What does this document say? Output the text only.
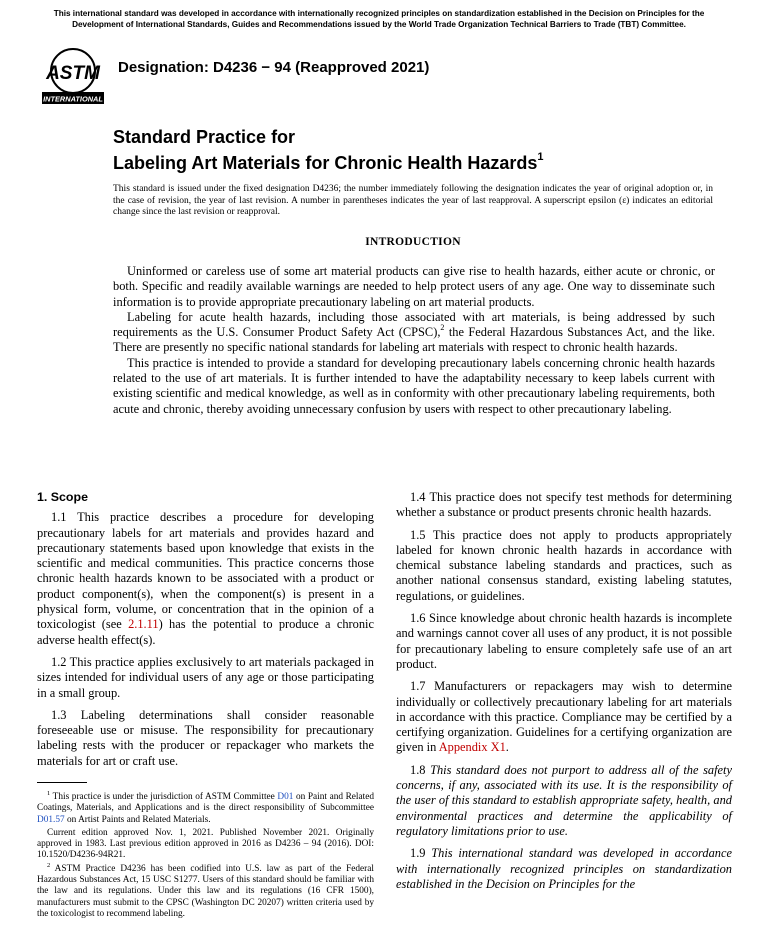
This international standard was developed in accordance with internationally recognized principles on standardization established in the Decision on Principles for the Development of International Standards, Guides and Recommendations issued by the World Trade Organization Technical Barriers to Trade (TBT) Committee.
ASTM
INTERNATIONAL
Designation: D4236 − 94 (Reapproved 2021)
Standard Practice for
Labeling Art Materials for Chronic Health Hazards$^1$
This standard is issued under the fixed designation D4236; the number immediately following the designation indicates the year of original adoption or, in the case of revision, the year of last revision. A number in parentheses indicates the year of last reapproval. A superscript epsilon (ε) indicates an editorial change since the last revision or reapproval.
INTRODUCTION

Uninformed or careless use of some art material products can give rise to health hazards, either acute or chronic, or both. Specific and readily available warnings are needed to help protect users of any age. One way to disseminate such information is to provide appropriate precautionary labeling on art material products.

Labeling for acute health hazards, including those associated with art materials, is being addressed by such requirements as the U.S. Consumer Product Safety Act (CPSC),$^2$ the Federal Hazardous Substances Act, and the like. There are presently no specific national standards for labeling art materials with respect to chronic health hazards.

This practice is intended to provide a standard for developing precautionary labels concerning chronic health hazards related to the use of art materials. It is further intended to have the adaptability necessary to keep labels current with existing scientific and medical knowledge, as well as in conformity with other precautionary labeling requirements, both acute and chronic, thereby avoiding unnecessary confusion by users with respect to other precautionary labeling.

1. Scope

1.1 This practice describes a procedure for developing precautionary labels for art materials and provides hazard and precautionary statements based upon knowledge that exists in the scientific and medical communities. This practice concerns those chronic health hazards known to be associated with a product or product component(s), when the component(s) is present in a physical form, volume, or concentration that in the opinion of a toxicologist (see 2.1.11) has the potential to produce a chronic adverse health effect(s).

1.2 This practice applies exclusively to art materials packaged in sizes intended for individual users of any age or those participating in a small group.

1.3 Labeling determinations shall consider reasonable foreseeable use or misuse. The responsibility for precautionary labeling rests with the producer or repackager who markets the materials for art or craft use.

1.4 This practice does not specify test methods for determining whether a substance or product presents chronic health hazards.

1.5 This practice does not apply to products appropriately labeled for known chronic health hazards in accordance with chemical substance labeling standards and practices, such as another national consensus standard, existing labeling statutes, regulations, or guidelines.

1.6 Since knowledge about chronic health hazards is incomplete and warnings cannot cover all uses of any product, it is not possible for precautionary labeling to ensure completely safe use of an art product.

1.7 Manufacturers or repackagers may wish to determine individually or collectively precautionary labeling for art materials in accordance with this practice. Compliance may be certified by a certifying organization. Guidelines for a certifying organization are given in Appendix X1.

1.8 This standard does not purport to address all of the safety concerns, if any, associated with its use. It is the responsibility of the user of this standard to establish appropriate safety, health, and environmental practices and determine the applicability of regulatory limitations prior to use.

1.9 This international standard was developed in accordance with internationally recognized principles on standardization established in the Decision on Principles for the

$^1$ This practice is under the jurisdiction of ASTM Committee D01 on Paint and Related Coatings, Materials, and Applications and is the direct responsibility of Subcommittee D01.57 on Artist Paints and Related Materials.

Current edition approved Nov. 1, 2021. Published November 2021. Originally approved in 1983. Last previous edition approved in 2016 as D4236 – 94 (2016). DOI: 10.1520/D4236-94R21.

$^2$ ASTM Practice D4236 has been codified into U.S. law as part of the Federal Hazardous Substances Act, 15 USC S1277. Users of this standard should be familiar with the law and its regulations. Under this law and its regulations (16 CFR 1500), manufacturers must submit to the CPSC (Washington DC 20207) written criteria used by the toxicologist to recommend labeling.
